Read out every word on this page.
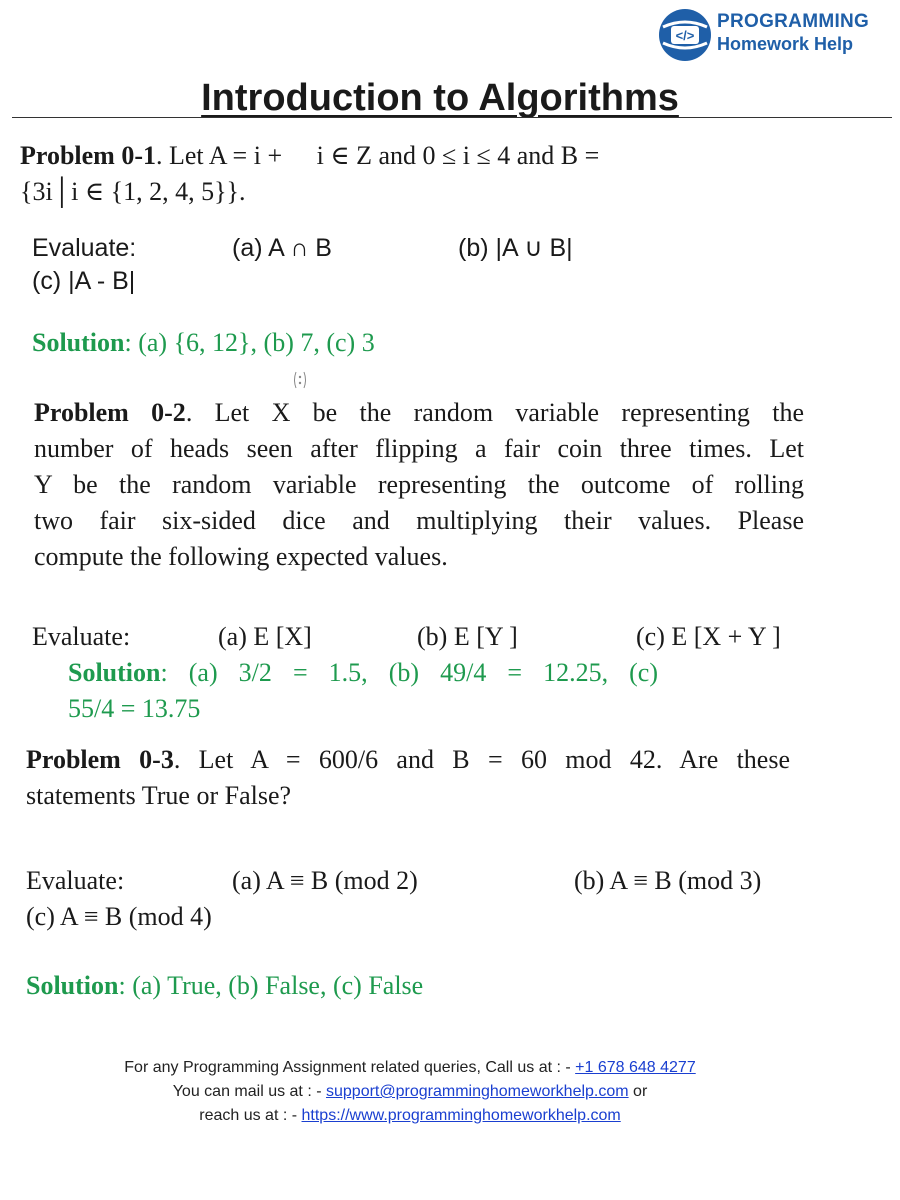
</>
PROGRAMMING
Homework Help
Introduction to Algorithms
Problem 0-1. Let A = i + i ∈ Z and 0 ≤ i ≤ 4 and B =
{3i│i ∈ {1, 2, 4, 5}}.
Evaluate:	(a) A ∩ B	(b) |A ∪ B|
(c) |A - B|
Solution: (a) {6, 12}, (b) 7, (c) 3
Problem 0-2. Let X be the random variable representing the
number of heads seen after flipping a fair coin three times. Let
Y be the random variable representing the outcome of rolling
two fair six-sided dice and multiplying their values. Please
compute the following expected values.
Evaluate:	(a) E [X]	(b) E [Y ]	(c) E [X + Y ]
Solution: (a) 3/2 = 1.5, (b) 49/4 = 12.25, (c)
55/4 = 13.75
Problem 0-3. Let A = 600/6 and B = 60 mod 42. Are these
statements True or False?
Evaluate:	(a) A ≡ B (mod 2)	(b) A ≡ B (mod 3)
(c) A ≡ B (mod 4)
Solution: (a) True, (b) False, (c) False
For any Programming Assignment related queries, Call us at : - +1 678 648 4277
You can mail us at : - support@programminghomeworkhelp.com or
reach us at : - https://www.programminghomeworkhelp.com
